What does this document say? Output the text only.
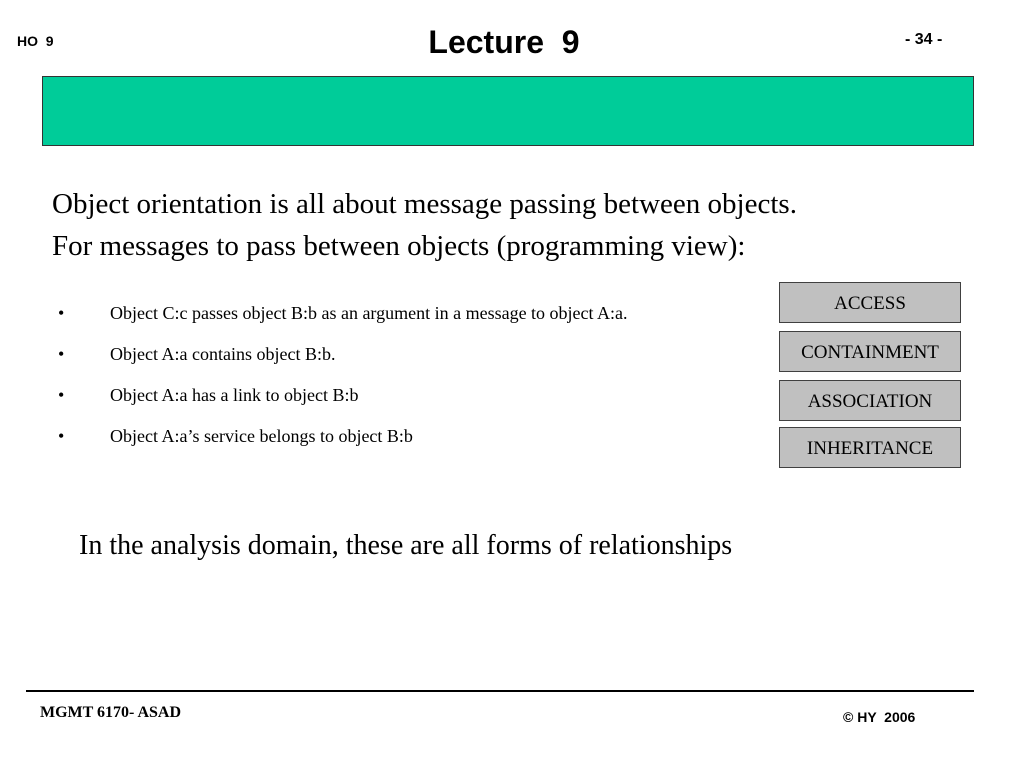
HO  9	Lecture  9	- 34 -
Object orientation is all about message passing between objects.
For messages to pass between objects (programming view):
•	Object C:c passes object B:b as an argument in a message to object A:a.
•	Object A:a contains object B:b.
•	Object A:a has a link to object B:b
•	Object A:a’s service belongs to object B:b
ACCESS
CONTAINMENT
ASSOCIATION
INHERITANCE
In the analysis domain, these are all forms of relationships
MGMT 6170- ASAD	© HY  2006
